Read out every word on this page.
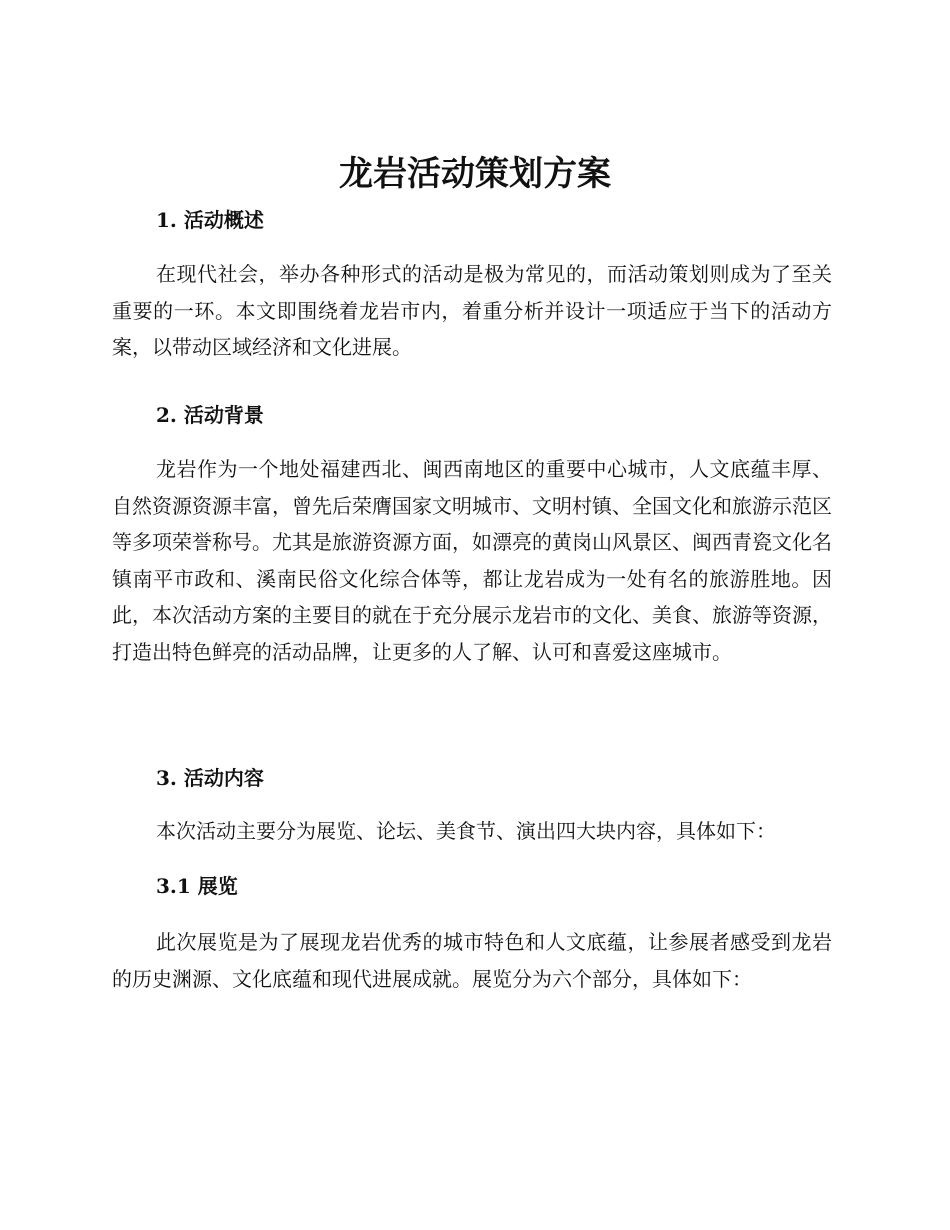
龙岩活动策划方案
1. 活动概述

在现代社会，举办各种形式的活动是极为常见的，而活动策划则成为了至关重要的一环。本文即围绕着龙岩市内，着重分析并设计一项适应于当下的活动方案，以带动区域经济和文化进展。

2. 活动背景

龙岩作为一个地处福建西北、闽西南地区的重要中心城市，人文底蕴丰厚、自然资源资源丰富，曾先后荣膺国家文明城市、文明村镇、全国文化和旅游示范区等多项荣誉称号。尤其是旅游资源方面，如漂亮的黄岗山风景区、闽西青瓷文化名镇南平市政和、溪南民俗文化综合体等，都让龙岩成为一处有名的旅游胜地。因此，本次活动方案的主要目的就在于充分展示龙岩市的文化、美食、旅游等资源，打造出特色鲜亮的活动品牌，让更多的人了解、认可和喜爱这座城市。

3. 活动内容

本次活动主要分为展览、论坛、美食节、演出四大块内容，具体如下：

3.1 展览

此次展览是为了展现龙岩优秀的城市特色和人文底蕴，让参展者感受到龙岩的历史渊源、文化底蕴和现代进展成就。展览分为六个部分，具体如下：
